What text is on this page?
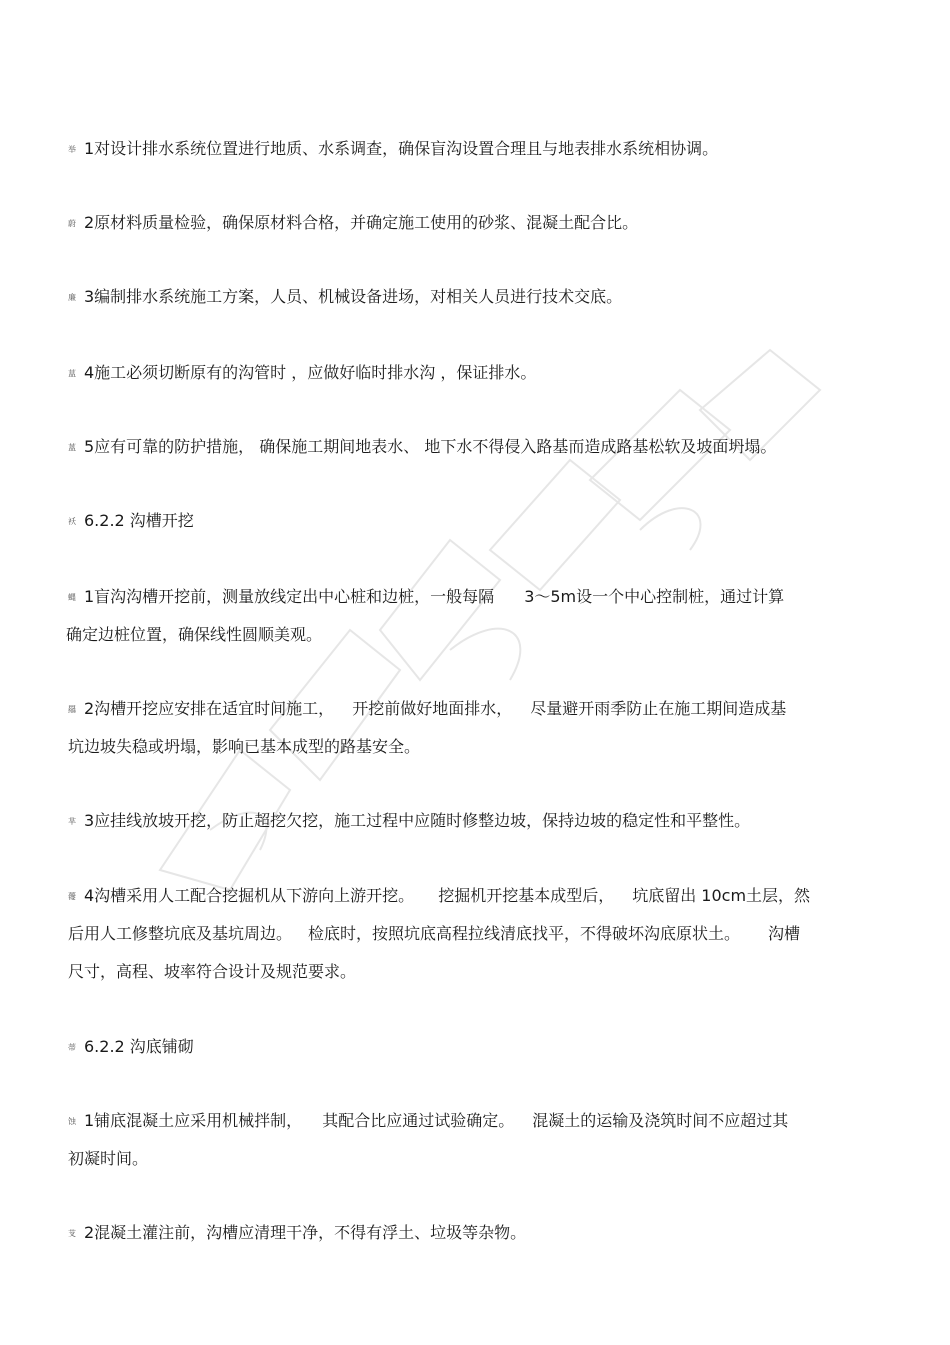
举 1对设计排水系统位置进行地质、水系调查，确保盲沟设置合理且与地表排水系统相协调。
蔚 2原材料质量检验，确保原材料合格，并确定施工使用的砂浆、混凝土配合比。
廉 3编制排水系统施工方案，人员、机械设备进场，对相关人员进行技术交底。
蒀 4施工必须切断原有的沟管时 ，应做好临时排水沟 ，保证排水。
蒕 5应有可靠的防护措施， 确保施工期间地表水、 地下水不得侵入路基而造成路基松软及坡面坍塌。
袄 6.2.2 沟槽开挖
蝿 1盲沟沟槽开挖前，测量放线定出中心桩和边桩，一般每隔 3～5m设一个中心控制桩，通过计算
确定边桩位置，确保线性圆顺美观。
羉 2沟槽开挖应安排在适宜时间施工， 开挖前做好地面排水， 尽量避开雨季防止在施工期间造成基
坑边坡失稳或坍塌，影响已基本成型的路基安全。
芈 3应挂线放坡开挖，防止超挖欠挖，施工过程中应随时修整边坡，保持边坡的稳定性和平整性。
蘉 4沟槽采用人工配合挖掘机从下游向上游开挖。 挖掘机开挖基本成型后， 坑底留出 10cm土层，然
后用人工修整坑底及基坑周边。 检底时，按照坑底高程拉线清底找平，不得破坏沟底原状土。 沟槽
尺寸，高程、坡率符合设计及规范要求。
蒂 6.2.2 沟底铺砌
蚀 1铺底混凝土应采用机械拌制， 其配合比应通过试验确定。 混凝土的运输及浇筑时间不应超过其
初凝时间。
芆 2混凝土灌注前，沟槽应清理干净，不得有浮土、垃圾等杂物。
